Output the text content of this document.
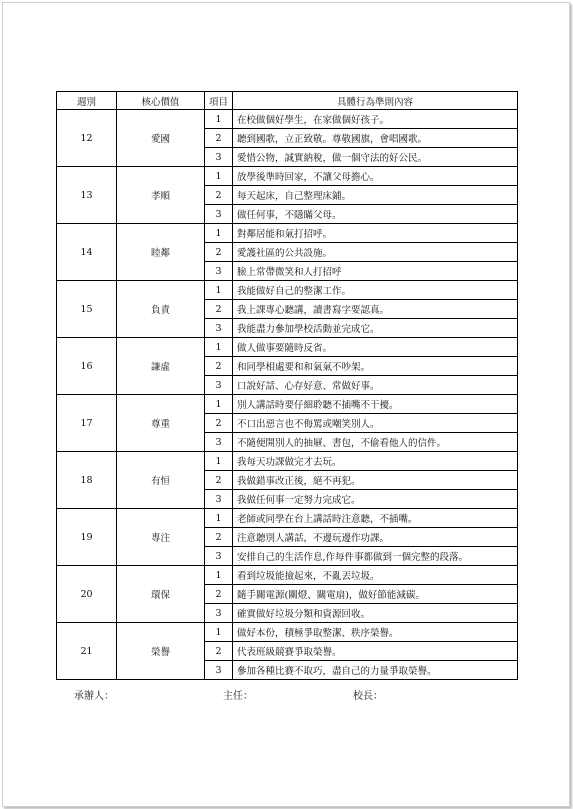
週別	核心價值	項目	具體行為準則內容
12	愛國	1	在校做個好學生，在家做個好孩子。
		2	聽到國歌，立正致敬。尊敬國旗，會唱國歌。
		3	愛惜公物，誠實納稅，做一個守法的好公民。
13	孝順	1	放學後準時回家，不讓父母擔心。
		2	每天起床，自己整理床鋪。
		3	做任何事，不隱瞞父母。
14	睦鄰	1	對鄰居能和氣打招呼。
		2	愛護社區的公共設施。
		3	臉上常帶微笑和人打招呼
15	負責	1	我能做好自己的整潔工作。
		2	我上課專心聽講，讀書寫字要認真。
		3	我能盡力參加學校活動並完成它。
16	謙虛	1	做人做事要隨時反省。
		2	和同學相處要和和氣氣不吵架。
		3	口說好話、心存好意、常做好事。
17	尊重	1	別人講話時要仔細聆聽不插嘴不干擾。
		2	不口出惡言也不侮罵或嘲笑別人。
		3	不隨便開別人的抽屜、書包，不偷看他人的信件。
18	有恒	1	我每天功課做完才去玩。
		2	我做錯事改正後，絕不再犯。
		3	我做任何事一定努力完成它。
19	專注	1	老師或同學在台上講話時注意聽，不插嘴。
		2	注意聽別人講話，不邊玩邊作功課。
		3	安排自己的生活作息,作每件事都做到一個完整的段落。
20	環保	1	看到垃圾能撿起來，不亂丟垃圾。
		2	隨手關電源(關燈、關電扇)，做好節能減碳。
		3	確實做好垃圾分類和資源回收。
21	榮譽	1	做好本份，積極爭取整潔、秩序榮譽。
		2	代表班級競賽爭取榮譽。
		3	參加各種比賽不取巧，盡自己的力量爭取榮譽。
承辦人：	主任：	校長：
